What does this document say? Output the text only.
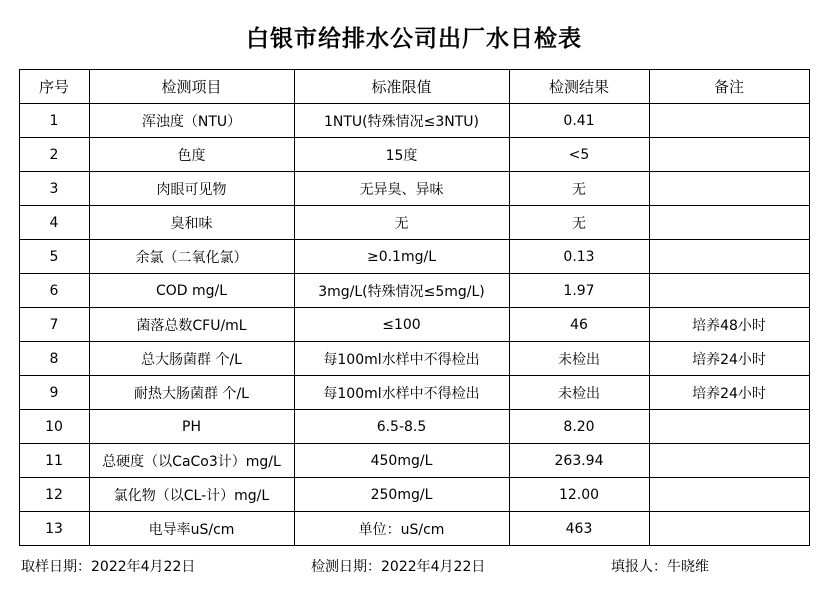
白银市给排水公司出厂水日检表
序号	检测项目	标准限值	检测结果	备注
1	浑浊度（NTU）	1NTU(特殊情况≤3NTU)	0.41	
2	色度	15度	<5	
3	肉眼可见物	无异臭、异味	无	
4	臭和味	无	无	
5	余氯（二氧化氯）	≥0.1mg/L	0.13	
6	COD mg/L	3mg/L(特殊情况≤5mg/L)	1.97	
7	菌落总数CFU/mL	≤100	46	培养48小时
8	总大肠菌群 个/L	每100ml水样中不得检出	未检出	培养24小时
9	耐热大肠菌群 个/L	每100ml水样中不得检出	未检出	培养24小时
10	PH	6.5-8.5	8.20	
11	总硬度（以CaCo3计）mg/L	450mg/L	263.94	
12	氯化物（以CL-计）mg/L	250mg/L	12.00	
13	电导率uS/cm	单位：uS/cm	463	
取样日期：2022年4月22日	检测日期：2022年4月22日	填报人：牛晓维
